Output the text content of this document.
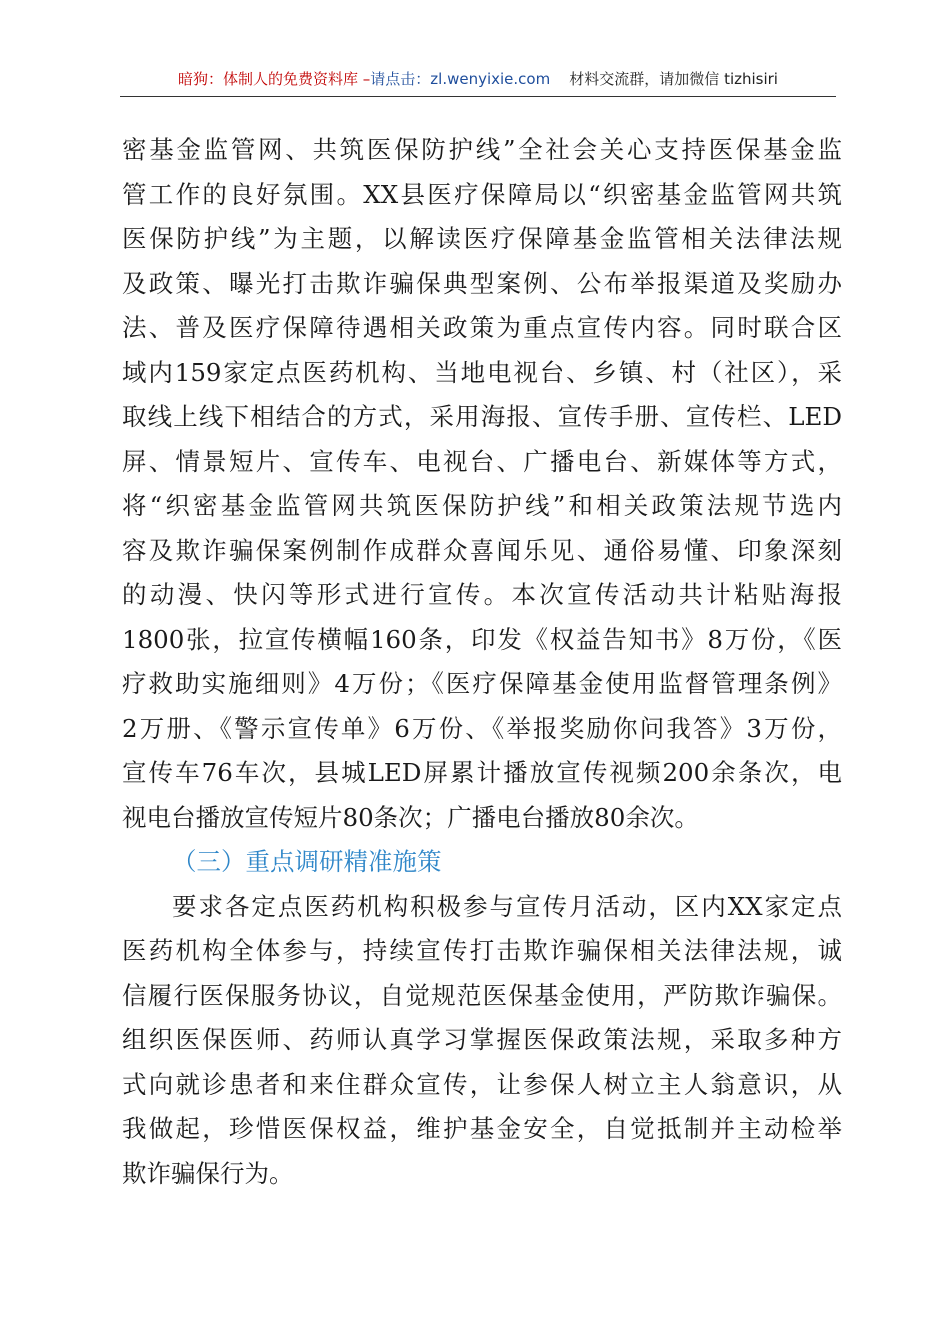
暗狗：体制人的免费资料库 –请点击：zl.wenyixie.com 材料交流群，请加微信 tizhisiri
密基金监管网、共筑医保防护线”全社会关心支持医保基金监
管工作的良好氛围。XX县医疗保障局以“织密基金监管网共筑
医保防护线”为主题，以解读医疗保障基金监管相关法律法规
及政策、曝光打击欺诈骗保典型案例、公布举报渠道及奖励办
法、普及医疗保障待遇相关政策为重点宣传内容。同时联合区
域内159家定点医药机构、当地电视台、乡镇、村（社区），采
取线上线下相结合的方式，采用海报、宣传手册、宣传栏、LED
屏、情景短片、宣传车、电视台、广播电台、新媒体等方式，
将“织密基金监管网共筑医保防护线”和相关政策法规节选内
容及欺诈骗保案例制作成群众喜闻乐见、通俗易懂、印象深刻
的动漫、快闪等形式进行宣传。本次宣传活动共计粘贴海报
1800张，拉宣传横幅160条，印发《权益告知书》8万份，《医
疗救助实施细则》4万份；《医疗保障基金使用监督管理条例》
2万册、《警示宣传单》6万份、《举报奖励你问我答》3万份，
宣传车76车次，县城LED屏累计播放宣传视频200余条次，电
视电台播放宣传短片80条次；广播电台播放80余次。
（三）重点调研精准施策
要求各定点医药机构积极参与宣传月活动，区内XX家定点
医药机构全体参与，持续宣传打击欺诈骗保相关法律法规，诚
信履行医保服务协议，自觉规范医保基金使用，严防欺诈骗保。
组织医保医师、药师认真学习掌握医保政策法规，采取多种方
式向就诊患者和来住群众宣传，让参保人树立主人翁意识，从
我做起，珍惜医保权益，维护基金安全，自觉抵制并主动检举
欺诈骗保行为。
